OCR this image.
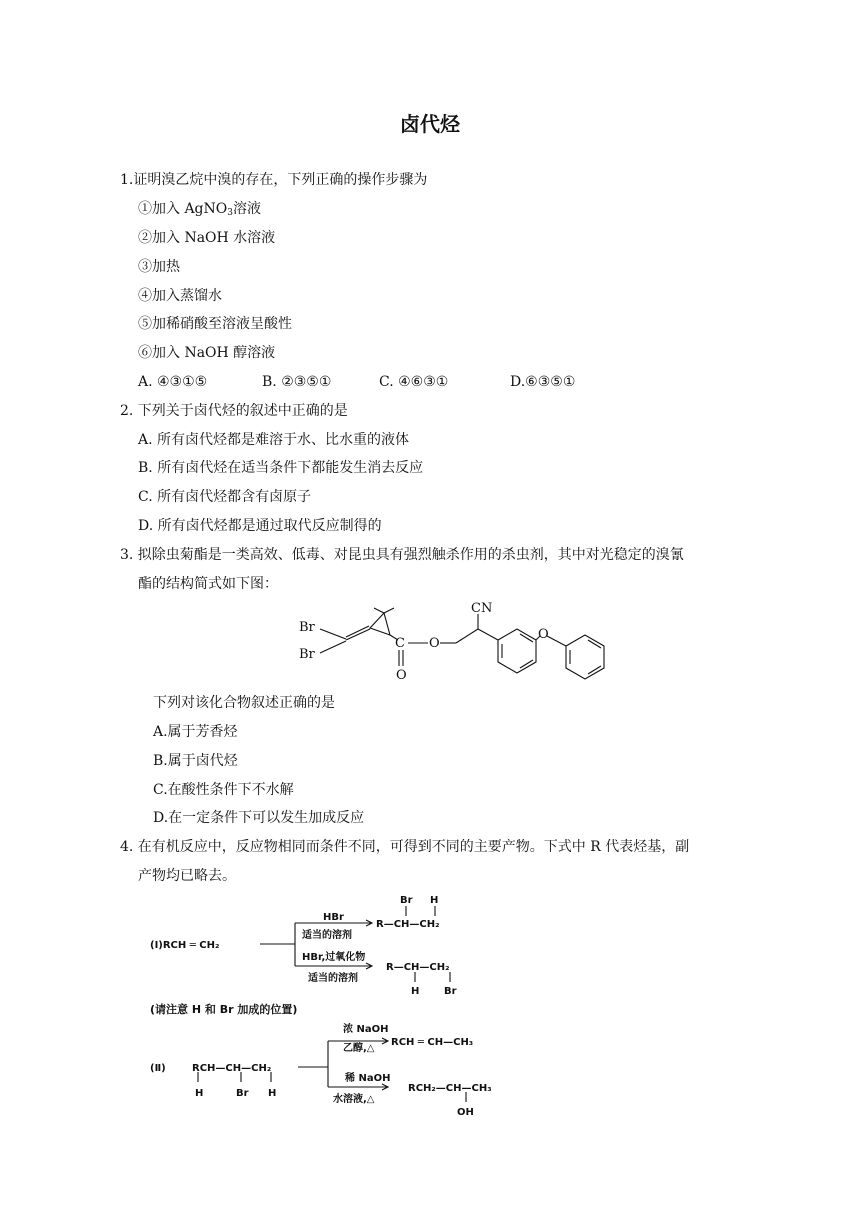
卤代烃
1.证明溴乙烷中溴的存在，下列正确的操作步骤为
①加入 AgNO$_3$溶液
②加入 NaOH 水溶液
③加热
④加入蒸馏水
⑤加稀硝酸至溶液呈酸性
⑥加入 NaOH 醇溶液
A. ④③①⑤	B. ②③⑤①	C. ④⑥③①	D.⑥③⑤①
2. 下列关于卤代烃的叙述中正确的是
A. 所有卤代烃都是难溶于水、比水重的液体
B. 所有卤代烃在适当条件下都能发生消去反应
C. 所有卤代烃都含有卤原子
D. 所有卤代烃都是通过取代反应制得的
3. 拟除虫菊酯是一类高效、低毒、对昆虫具有强烈触杀作用的杀虫剂，其中对光稳定的溴氰
酯的结构简式如下图：
Br
Br
C
O
O
CN
O
下列对该化合物叙述正确的是
A.属于芳香烃
B.属于卤代烃
C.在酸性条件下不水解
D.在一定条件下可以发生加成反应
4. 在有机反应中，反应物相同而条件不同，可得到不同的主要产物。下式中 R 代表烃基，副
产物均已略去。
(Ⅰ)RCH ═ CH₂
HBr
适当的溶剂
HBr,过氧化物
适当的溶剂
Br H
R—CH—CH₂
R—CH—CH₂
H Br
(请注意 H 和 Br 加成的位置)
(Ⅱ)	RCH—CH—CH₂
H	Br H
浓 NaOH
乙醇,△
稀 NaOH
水溶液,△
RCH ═ CH—CH₃
RCH₂—CH—CH₃
OH
